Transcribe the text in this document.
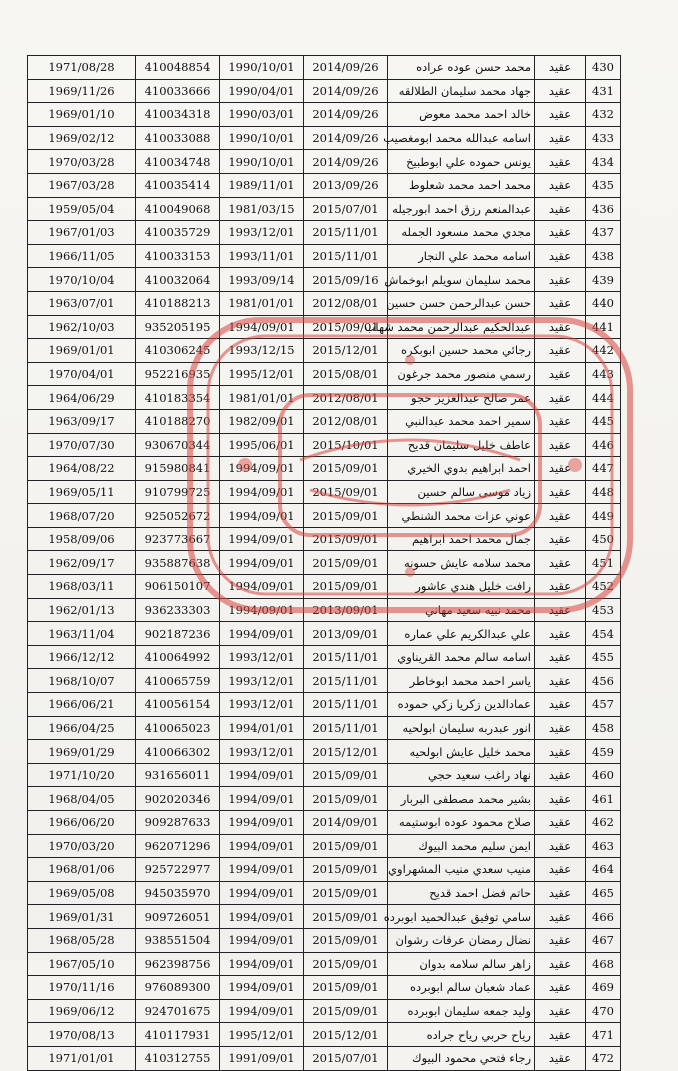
1971/08/28	410048854	1990/10/01	2014/09/26	محمد حسن عوده عراده	عقيد	430
1969/11/26	410033666	1990/04/01	2014/09/26	جهاد محمد سليمان الطلالقه	عقيد	431
1969/01/10	410034318	1990/03/01	2014/09/26	خالد احمد محمد معوض	عقيد	432
1969/02/12	410033088	1990/10/01	2014/09/26	اسامه عبدالله محمد ابومغصيب	عقيد	433
1970/03/28	410034748	1990/10/01	2014/09/26	يونس حموده علي ابوطبيخ	عقيد	434
1967/03/28	410035414	1989/11/01	2013/09/26	محمد احمد محمد شعلوط	عقيد	435
1959/05/04	410049068	1981/03/15	2015/07/01	عبدالمنعم رزق احمد ابورجيله	عقيد	436
1967/01/03	410035729	1993/12/01	2015/11/01	مجدي محمد مسعود الجمله	عقيد	437
1966/11/05	410033153	1993/11/01	2015/11/01	اسامه محمد علي النجار	عقيد	438
1970/10/04	410032064	1993/09/14	2015/09/16	محمد سليمان سويلم ابوخماش	عقيد	439
1963/07/01	410188213	1981/01/01	2012/08/01	حسن عبدالرحمن حسن حسين	عقيد	440
1962/10/03	935205195	1994/09/01	2015/09/01	عبدالحكيم عبدالرحمن محمد شهاب	عقيد	441
1969/01/01	410306245	1993/12/15	2015/12/01	رجائي محمد حسين ابوبكره	عقيد	442
1970/04/01	952216935	1995/12/01	2015/08/01	رسمي منصور محمد جرغون	عقيد	443
1964/06/29	410183354	1981/01/01	2012/08/01	عمر صالح عبدالعزيز حجو	عقيد	444
1963/09/17	410188270	1982/09/01	2012/08/01	سمير احمد محمد عبدالنبي	عقيد	445
1970/07/30	930670344	1995/06/01	2015/10/01	عاطف خليل سليمان قديح	عقيد	446
1964/08/22	915980841	1994/09/01	2015/09/01	احمد ابراهيم بدوي الخيري	عقيد	447
1969/05/11	910799725	1994/09/01	2015/09/01	زياد موسى سالم حسين	عقيد	448
1968/07/20	925052672	1994/09/01	2015/09/01	عوني عزات محمد الشنطي	عقيد	449
1958/09/06	923773667	1994/09/01	2015/09/01	جمال محمد احمد ابراهيم	عقيد	450
1962/09/17	935887638	1994/09/01	2015/09/01	محمد سلامه عايش حسونه	عقيد	451
1968/03/11	906150107	1994/09/01	2015/09/01	رافت خليل هندي عاشور	عقيد	452
1962/01/13	936233303	1994/09/01	2013/09/01	محمد نبيه سعيد مهاني	عقيد	453
1963/11/04	902187236	1994/09/01	2013/09/01	علي عبدالكريم علي عماره	عقيد	454
1966/12/12	410064992	1993/12/01	2015/11/01	اسامه سالم محمد القريناوي	عقيد	455
1968/10/07	410065759	1993/12/01	2015/11/01	ياسر احمد محمد ابوخاطر	عقيد	456
1966/06/21	410056154	1993/12/01	2015/11/01	عمادالدين زكريا زكي حموده	عقيد	457
1966/04/25	410065023	1994/01/01	2015/11/01	انور عبدربه سليمان ابولحيه	عقيد	458
1969/01/29	410066302	1993/12/01	2015/12/01	محمد خليل عايش ابولحيه	عقيد	459
1971/10/20	931656011	1994/09/01	2015/09/01	نهاد راغب سعيد حجي	عقيد	460
1968/04/05	902020346	1994/09/01	2015/09/01	بشير محمد مصطفى البربار	عقيد	461
1966/06/20	909287633	1994/09/01	2014/09/01	صلاح محمود عوده ابوستيمه	عقيد	462
1970/03/20	962071296	1994/09/01	2015/09/01	ايمن سليم محمد البيوك	عقيد	463
1968/01/06	925722977	1994/09/01	2015/09/01	منيب سعدي منيب المشهراوي	عقيد	464
1969/05/08	945035970	1994/09/01	2015/09/01	حاتم فضل احمد قديح	عقيد	465
1969/01/31	909726051	1994/09/01	2015/09/01	سامي توفيق عبدالحميد ابوبرده	عقيد	466
1968/05/28	938551504	1994/09/01	2015/09/01	نضال رمضان عرفات رشوان	عقيد	467
1967/05/10	962398756	1994/09/01	2015/09/01	زاهر سالم سلامه بدوان	عقيد	468
1970/11/16	976089300	1994/09/01	2015/09/01	عماد شعبان سالم ابوبرده	عقيد	469
1969/06/12	924701675	1994/09/01	2015/09/01	وليد جمعه سليمان ابوبرده	عقيد	470
1970/08/13	410117931	1995/12/01	2015/12/01	رياح حربي رياح جراده	عقيد	471
1971/01/01	410312755	1991/09/01	2015/07/01	رجاء فتحي محمود البيوك	عقيد	472
